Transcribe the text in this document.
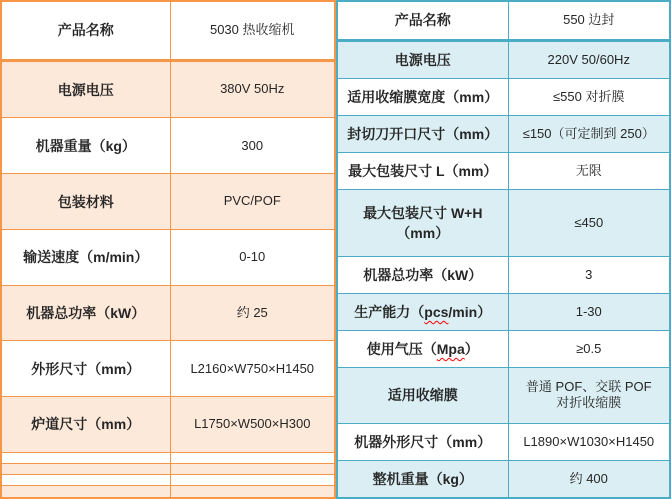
产品名称	5030 热收缩机
电源电压	380V 50Hz
机器重量（kg）	300
包装材料	PVC/POF
输送速度（m/min）	0-10
机器总功率（kW）	约 25
外形尺寸（mm）	L2160×W750×H1450
炉道尺寸（mm）	L1750×W500×H300

产品名称	550 边封
电源电压	220V 50/60Hz
适用收缩膜宽度（mm）	≤550 对折膜
封切刀开口尺寸（mm）	≤150（可定制到 250）
最大包装尺寸 L（mm）	无限
最大包装尺寸 W+H（mm）	≤450
机器总功率（kW）	3
生产能力（pcs/min）	1-30
使用气压（Mpa）	≥0.5
适用收缩膜	普通 POF、交联 POF
对折收缩膜

机器外形尺寸（mm）	L1890×W1030×H1450
整机重量（kg）	约 400
